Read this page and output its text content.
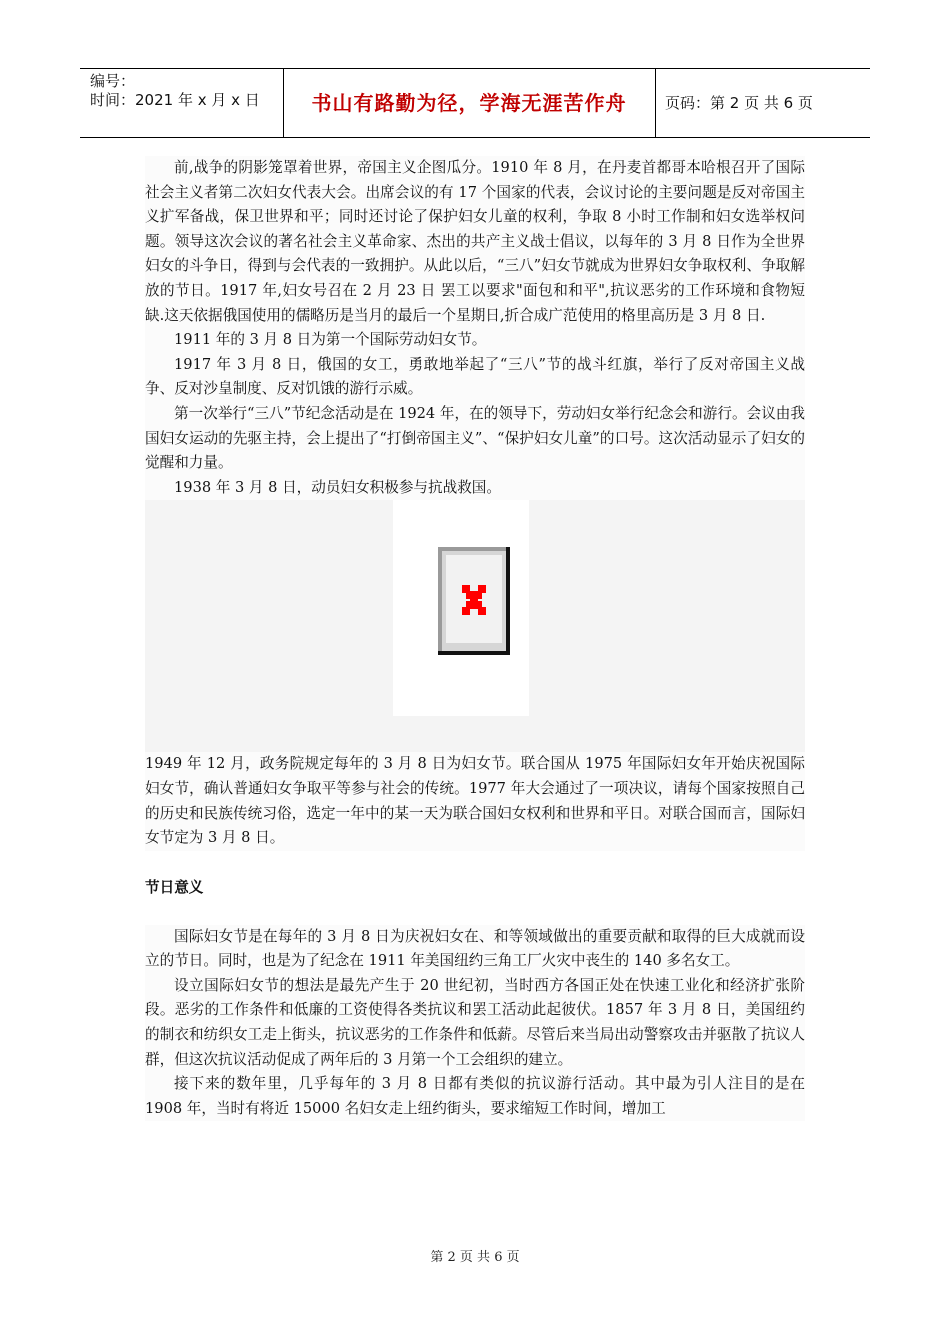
编号：
时间：2021 年 x 月 x 日	书山有路勤为径，学海无涯苦作舟	页码：第 2 页 共 6 页

前,战争的阴影笼罩着世界，帝国主义企图瓜分。1910 年 8 月，在丹麦首都哥本哈根召开了国际社会主义者第二次妇女代表大会。出席会议的有 17 个国家的代表，会议讨论的主要问题是反对帝国主义扩军备战，保卫世界和平；同时还讨论了保护妇女儿童的权利，争取 8 小时工作制和妇女选举权问题。领导这次会议的著名社会主义革命家、杰出的共产主义战士倡议，以每年的 3 月 8 日作为全世界妇女的斗争日，得到与会代表的一致拥护。从此以后，“三八”妇女节就成为世界妇女争取权利、争取解放的节日。1917 年,妇女号召在 2 月 23 日 罢工以要求"面包和和平",抗议恶劣的工作环境和食物短缺.这天依据俄国使用的儒略历是当月的最后一个星期日,折合成广范使用的格里高历是 3 月 8 日.

1911 年的 3 月 8 日为第一个国际劳动妇女节。

1917 年 3 月 8 日，俄国的女工，勇敢地举起了“三八”节的战斗红旗，举行了反对帝国主义战争、反对沙皇制度、反对饥饿的游行示威。

第一次举行“三八”节纪念活动是在 1924 年，在的领导下，劳动妇女举行纪念会和游行。会议由我国妇女运动的先驱主持，会上提出了“打倒帝国主义”、“保护妇女儿童”的口号。这次活动显示了妇女的觉醒和力量。

1938 年 3 月 8 日，动员妇女积极参与抗战救国。

1949 年 12 月，政务院规定每年的 3 月 8 日为妇女节。联合国从 1975 年国际妇女年开始庆祝国际妇女节，确认普通妇女争取平等参与社会的传统。1977 年大会通过了一项决议，请每个国家按照自己的历史和民族传统习俗，选定一年中的某一天为联合国妇女权利和世界和平日。对联合国而言，国际妇女节定为 3 月 8 日。

节日意义

国际妇女节是在每年的 3 月 8 日为庆祝妇女在、和等领域做出的重要贡献和取得的巨大成就而设立的节日。同时，也是为了纪念在 1911 年美国纽约三角工厂火灾中丧生的 140 多名女工。

设立国际妇女节的想法是最先产生于 20 世纪初，当时西方各国正处在快速工业化和经济扩张阶段。恶劣的工作条件和低廉的工资使得各类抗议和罢工活动此起彼伏。1857 年 3 月 8 日，美国纽约的制衣和纺织女工走上街头，抗议恶劣的工作条件和低薪。尽管后来当局出动警察攻击并驱散了抗议人群，但这次抗议活动促成了两年后的 3 月第一个工会组织的建立。

接下来的数年里，几乎每年的 3 月 8 日都有类似的抗议游行活动。其中最为引人注目的是在 1908 年，当时有将近 15000 名妇女走上纽约街头，要求缩短工作时间，增加工

第 2 页 共 6 页
